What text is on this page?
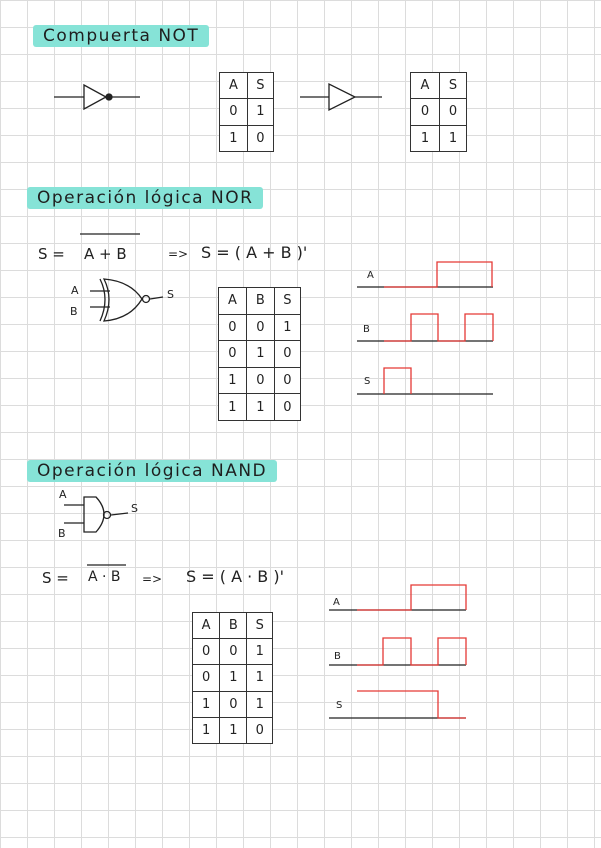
Compuerta NOT
A	S
0	1
1	0
A	S
0	0
1	1
Operación lógica NOR
S = A + B	=> S = ( A + B )'
A
B
S
A
B
S
A	B	S
0	0	1
0	1	0
1	0	0
1	1	0
Operación lógica NAND
A
B
S
S = A · B => S = ( A · B )'
A
B
S
A	B	S
0	0	1
0	1	1
1	0	1
1	1	0
